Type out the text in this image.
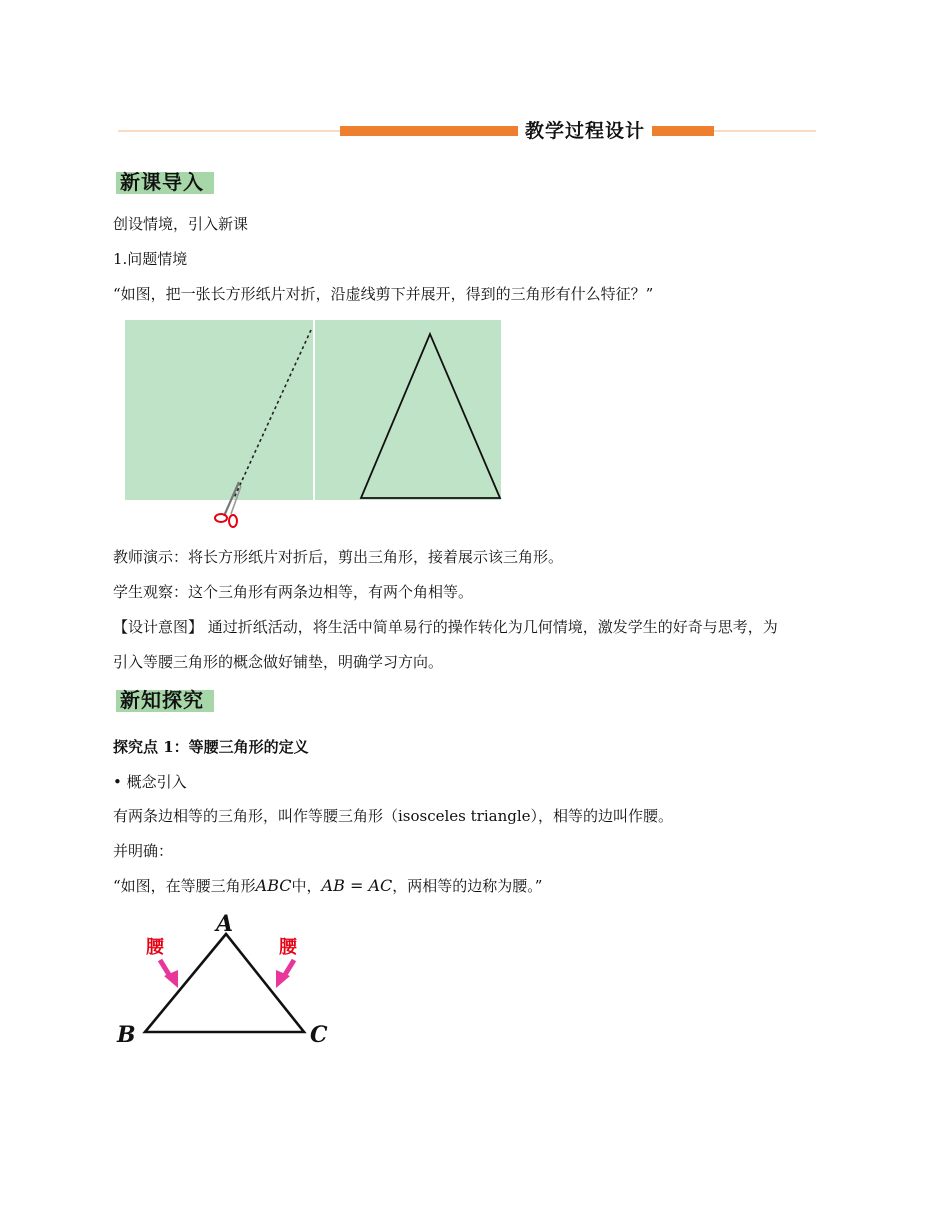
教学过程设计
新课导入
创设情境，引入新课
1.问题情境
“如图，把一张长方形纸片对折，沿虚线剪下并展开，得到的三角形有什么特征？”
教师演示：将长方形纸片对折后，剪出三角形，接着展示该三角形。
学生观察：这个三角形有两条边相等，有两个角相等。
【设计意图】 通过折纸活动，将生活中简单易行的操作转化为几何情境，激发学生的好奇与思考，为
引入等腰三角形的概念做好铺垫，明确学习方向。
新知探究
探究点 1：等腰三角形的定义
• 概念引入
有两条边相等的三角形，叫作等腰三角形（isosceles triangle），相等的边叫作腰。
并明确：
“如图，在等腰三角形ABC中，AB = AC，两相等的边称为腰。”
A
B	C
腰	腰
